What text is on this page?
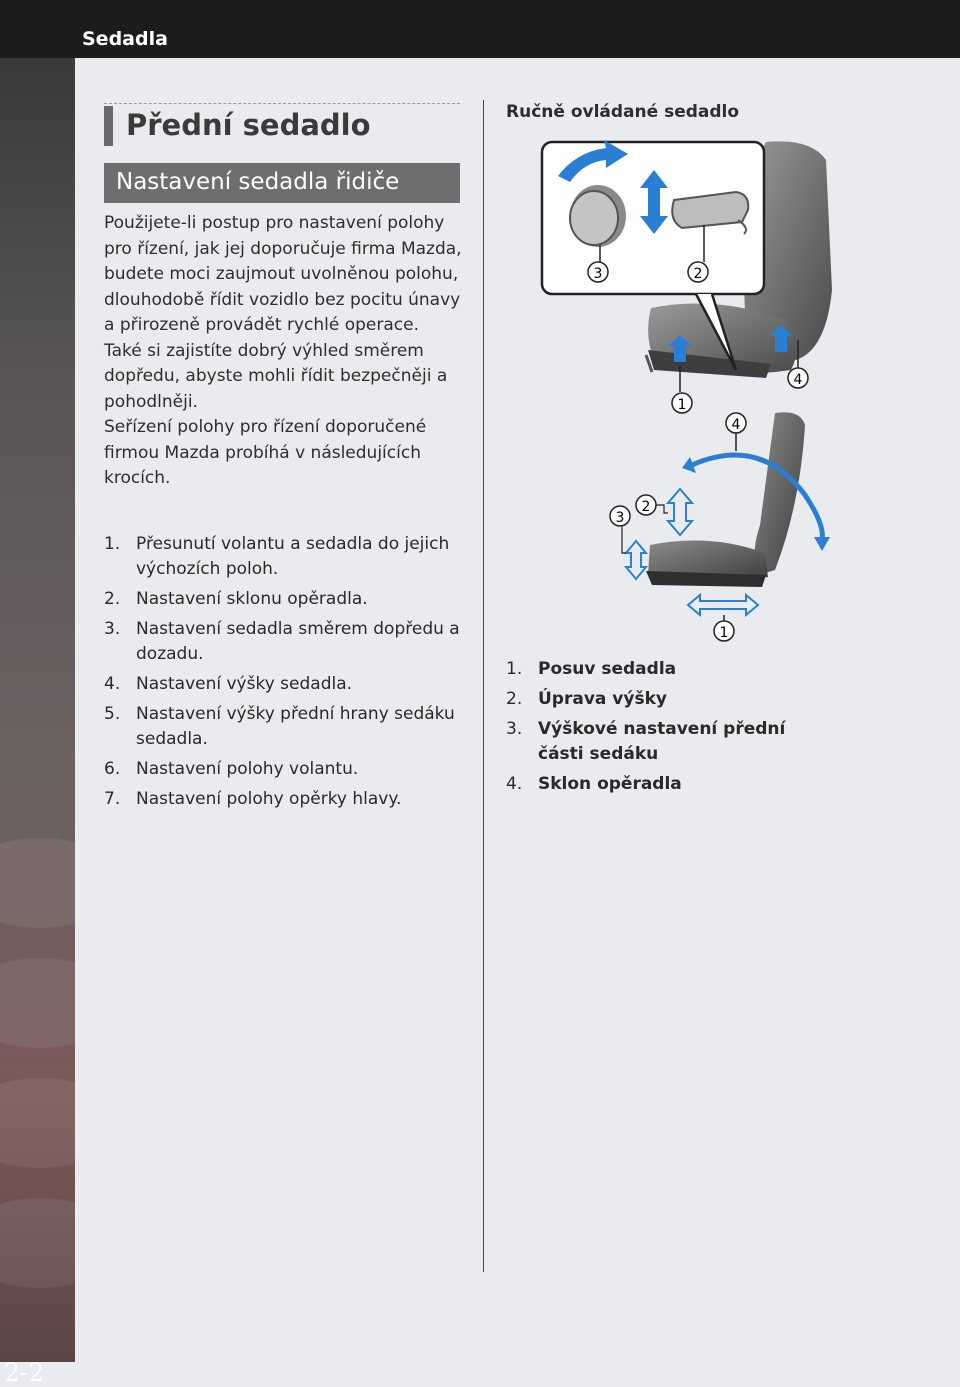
Sedadla
2-2
Přední sedadlo
Nastavení sedadla řidiče

Použijete-li postup pro nastavení polohy pro řízení, jak jej doporučuje firma Mazda, budete moci zaujmout uvolněnou polohu, dlouhodobě řídit vozidlo bez pocitu únavy a přirozeně provádět rychlé operace.

Také si zajistíte dobrý výhled směrem dopředu, abyste mohli řídit bezpečněji a pohodlněji.

Seřízení polohy pro řízení doporučené firmou Mazda probíhá v následujících krocích.

1. Přesunutí volantu a sedadla do jejich výchozích poloh.
2. Nastavení sklonu opěradla.
3. Nastavení sedadla směrem dopředu a dozadu.
4. Nastavení výšky sedadla.
5. Nastavení výšky přední hrany sedáku sedadla.
6. Nastavení polohy volantu.
7. Nastavení polohy opěrky hlavy.
Ručně ovládané sedadlo
3	2
1
4
4
2
3
1
1. Posuv sedadla
2. Úprava výšky
3. Výškové nastavení přední části sedáku
4. Sklon opěradla
